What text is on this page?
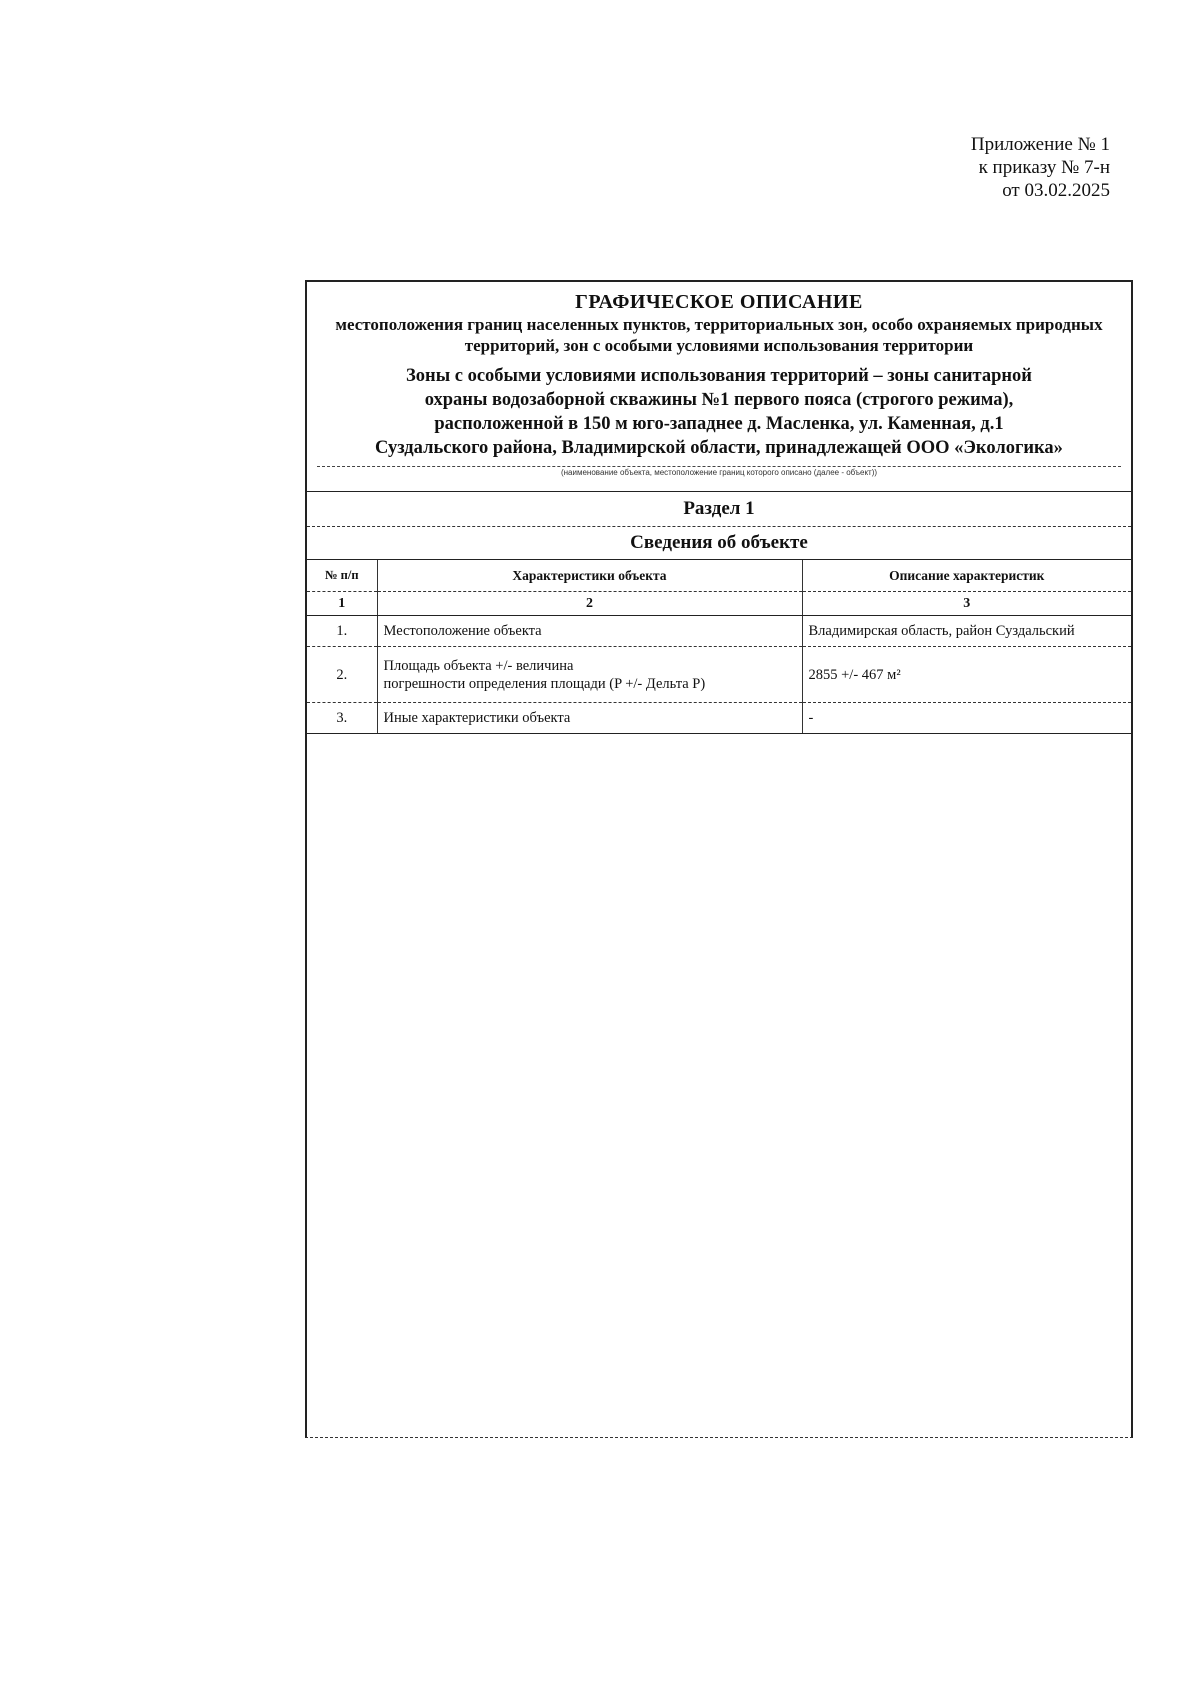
Приложение № 1
к приказу № 7-н
от 03.02.2025
ГРАФИЧЕСКОЕ ОПИСАНИЕ
местоположения границ населенных пунктов, территориальных зон, особо охраняемых природных территорий, зон с особыми условиями использования территории
Зоны с особыми условиями использования территорий – зоны санитарной
охраны водозаборной скважины №1 первого пояса (строгого режима),
расположенной в 150 м юго-западнее д. Масленка, ул. Каменная, д.1
Суздальского района, Владимирской области, принадлежащей ООО «Экологика»
(наименование объекта, местоположение границ которого описано (далее - объект))
Раздел 1
Сведения об объекте
№ п/п	Характеристики объекта	Описание характеристик
1	2	3
1.	Местоположение объекта	Владимирская область, район Суздальский
2.	Площадь объекта +/- величина
погрешности определения площади (P +/- Дельта P)	2855 +/- 467 м²
3.	Иные характеристики объекта	-
